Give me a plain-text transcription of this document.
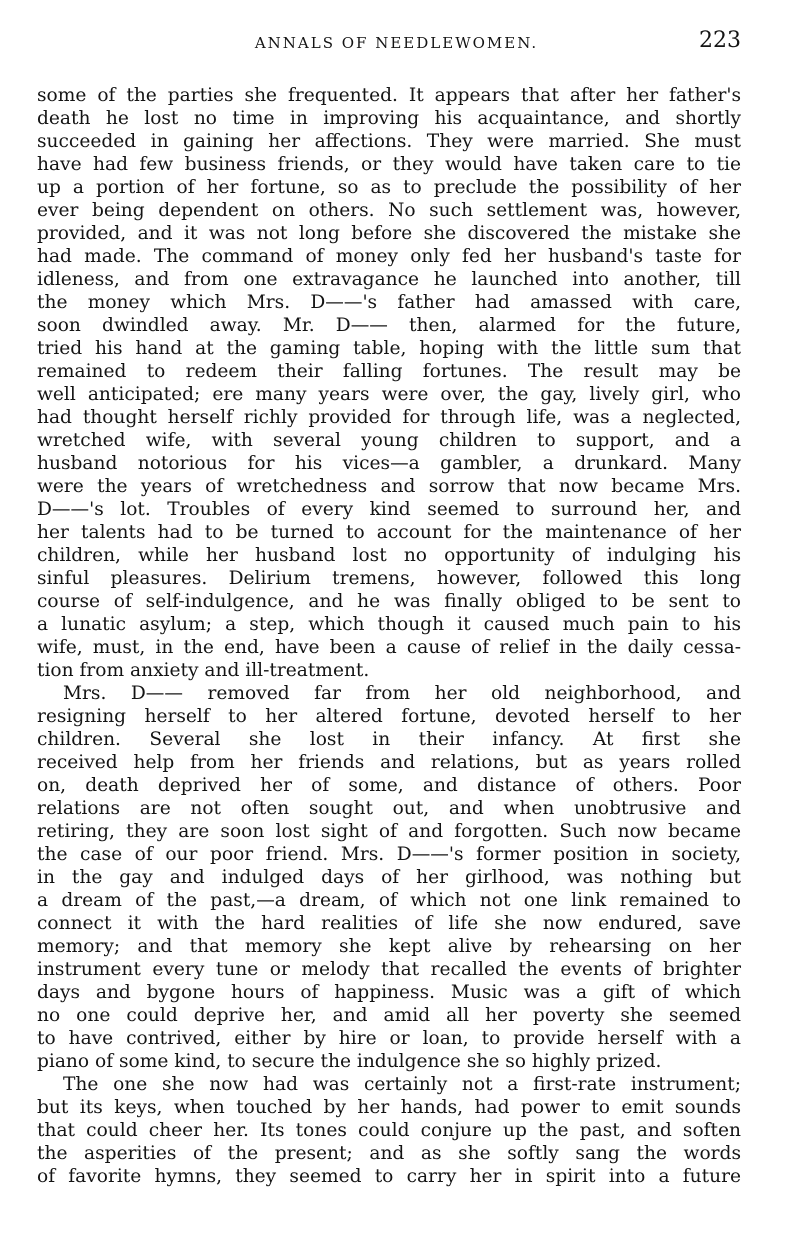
ANNALS OF NEEDLEWOMEN.	223
some of the parties she frequented. It appears that after her father's
death he lost no time in improving his acquaintance, and shortly
succeeded in gaining her affections. They were married. She must
have had few business friends, or they would have taken care to tie
up a portion of her fortune, so as to preclude the possibility of her
ever being dependent on others. No such settlement was, however,
provided, and it was not long before she discovered the mistake she
had made. The command of money only fed her husband's taste for
idleness, and from one extravagance he launched into another, till
the money which Mrs. D——'s father had amassed with care,
soon dwindled away. Mr. D—— then, alarmed for the future,
tried his hand at the gaming table, hoping with the little sum that
remained to redeem their falling fortunes. The result may be
well anticipated; ere many years were over, the gay, lively girl, who
had thought herself richly provided for through life, was a neglected,
wretched wife, with several young children to support, and a
husband notorious for his vices—a gambler, a drunkard. Many
were the years of wretchedness and sorrow that now became Mrs.
D——'s lot. Troubles of every kind seemed to surround her, and
her talents had to be turned to account for the maintenance of her
children, while her husband lost no opportunity of indulging his
sinful pleasures. Delirium tremens, however, followed this long
course of self-indulgence, and he was finally obliged to be sent to
a lunatic asylum; a step, which though it caused much pain to his
wife, must, in the end, have been a cause of relief in the daily cessa-
tion from anxiety and ill-treatment.
Mrs. D—— removed far from her old neighborhood, and
resigning herself to her altered fortune, devoted herself to her
children. Several she lost in their infancy. At first she
received help from her friends and relations, but as years rolled
on, death deprived her of some, and distance of others. Poor
relations are not often sought out, and when unobtrusive and
retiring, they are soon lost sight of and forgotten. Such now became
the case of our poor friend. Mrs. D——'s former position in society,
in the gay and indulged days of her girlhood, was nothing but
a dream of the past,—a dream, of which not one link remained to
connect it with the hard realities of life she now endured, save
memory; and that memory she kept alive by rehearsing on her
instrument every tune or melody that recalled the events of brighter
days and bygone hours of happiness. Music was a gift of which
no one could deprive her, and amid all her poverty she seemed
to have contrived, either by hire or loan, to provide herself with a
piano of some kind, to secure the indulgence she so highly prized.
The one she now had was certainly not a first-rate instrument;
but its keys, when touched by her hands, had power to emit sounds
that could cheer her. Its tones could conjure up the past, and soften
the asperities of the present; and as she softly sang the words
of favorite hymns, they seemed to carry her in spirit into a future
